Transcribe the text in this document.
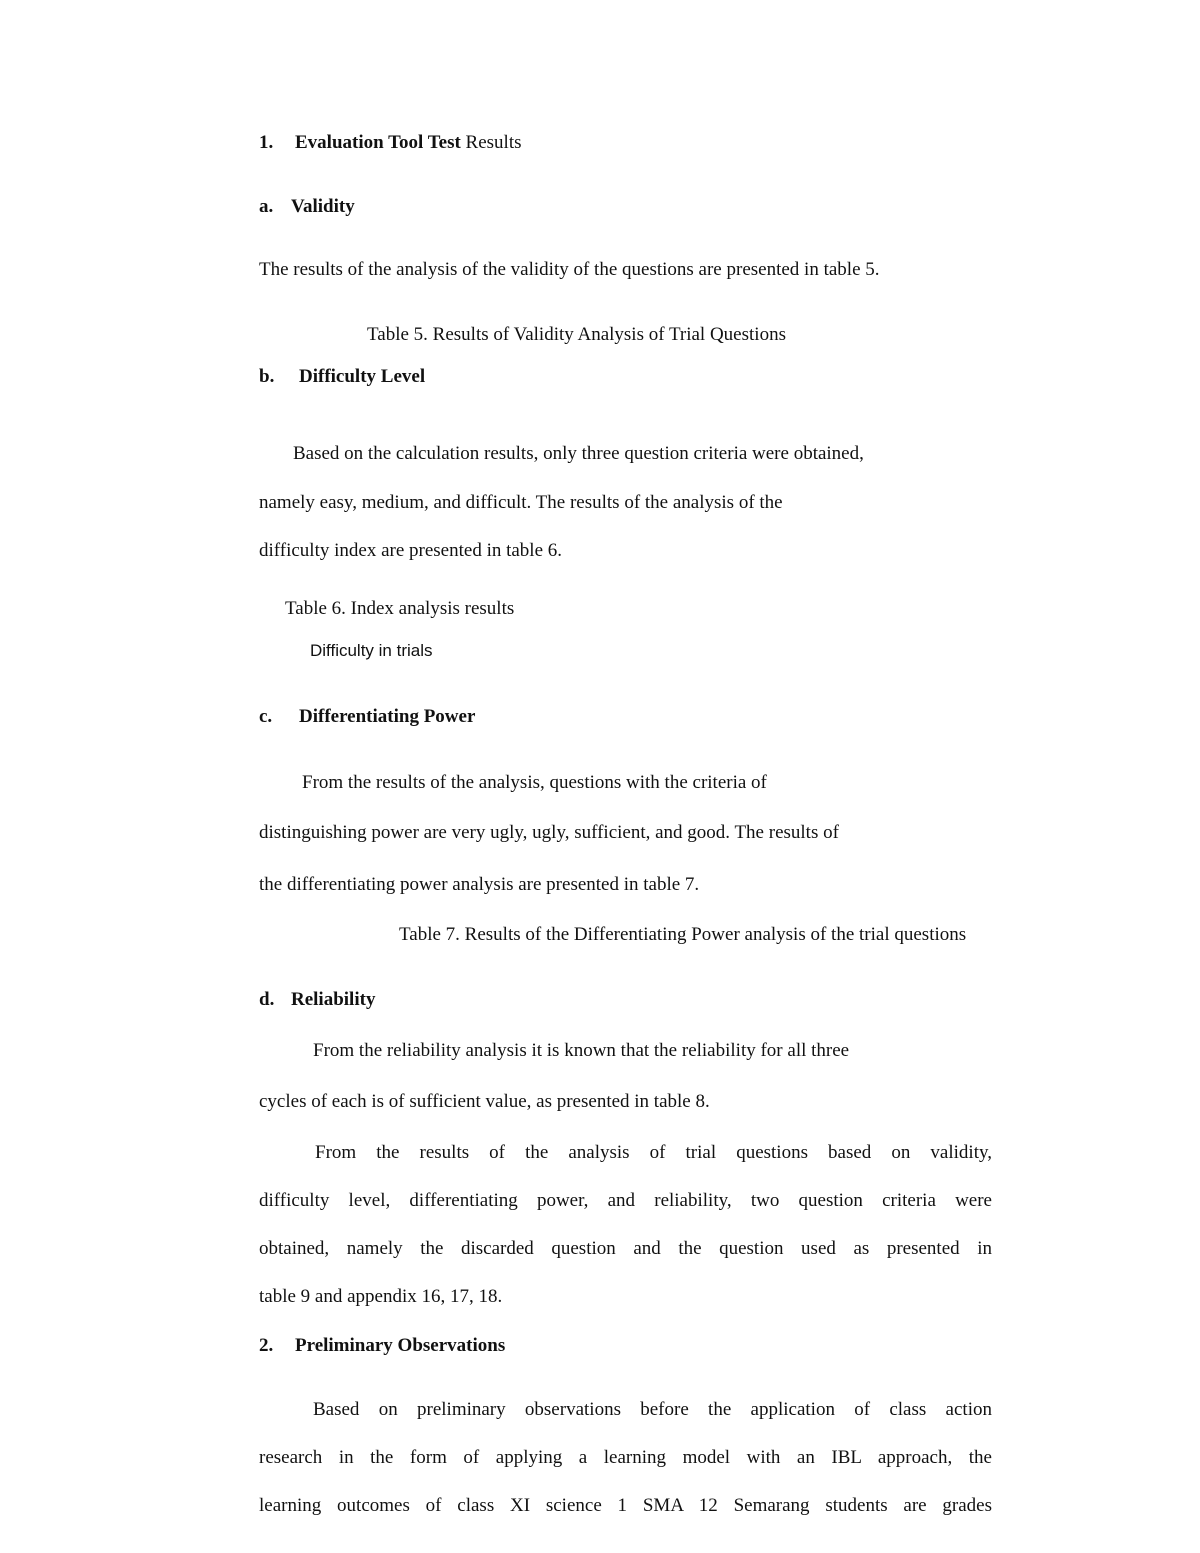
1. Evaluation Tool Test Results
a. Validity
The results of the analysis of the validity of the questions are presented in table 5.
Table 5. Results of Validity Analysis of Trial Questions
b. Difficulty Level
Based on the calculation results, only three question criteria were obtained,
namely easy, medium, and difficult. The results of the analysis of the
difficulty index are presented in table 6.
Table 6. Index analysis results
Difficulty in trials
c. Differentiating Power
From the results of the analysis, questions with the criteria of
distinguishing power are very ugly, ugly, sufficient, and good. The results of
the differentiating power analysis are presented in table 7.
Table 7. Results of the Differentiating Power analysis of the trial questions
d. Reliability
From the reliability analysis it is known that the reliability for all three
cycles of each is of sufficient value, as presented in table 8.
From the results of the analysis of trial questions based on validity,
difficulty level, differentiating power, and reliability, two question criteria were
obtained, namely the discarded question and the question used as presented in
table 9 and appendix 16, 17, 18.
2. Preliminary Observations
Based on preliminary observations before the application of class action
research in the form of applying a learning model with an IBL approach, the
learning outcomes of class XI science 1 SMA 12 Semarang students are grades
